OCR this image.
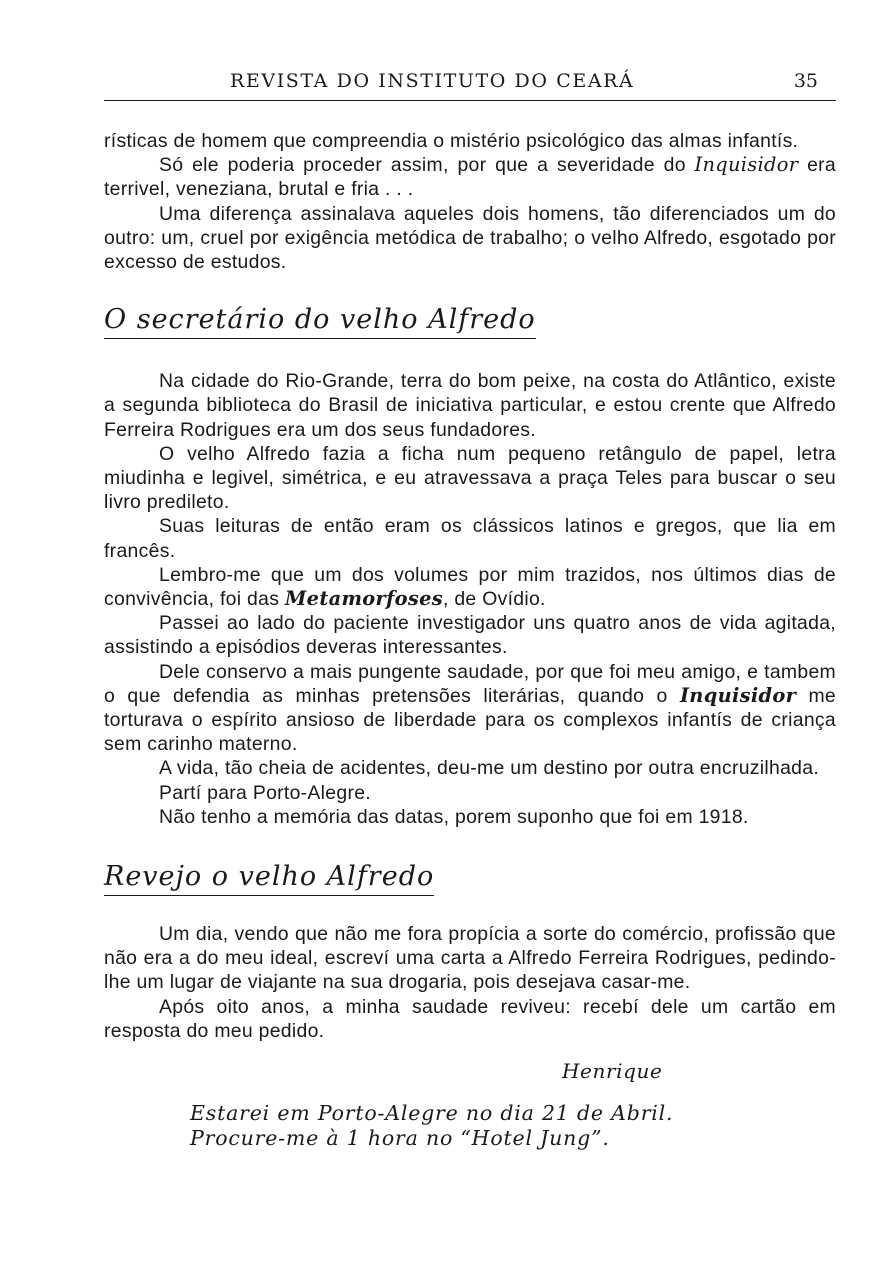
REVISTA DO INSTITUTO DO CEARÁ	35

rísticas de homem que compreendia o mistério psicológico das almas infantís.

Só ele poderia proceder assim, por que a severidade do Inquisidor era terrivel, veneziana, brutal e fria . . .

Uma diferença assinalava aqueles dois homens, tão diferenciados um do outro: um, cruel por exigência metódica de trabalho; o velho Alfredo, esgotado por excesso de estudos.

O secretário do velho Alfredo

Na cidade do Rio-Grande, terra do bom peixe, na costa do Atlântico, existe a segunda biblioteca do Brasil de iniciativa particular, e estou crente que Alfredo Ferreira Rodrigues era um dos seus fundadores.

O velho Alfredo fazia a ficha num pequeno retângulo de papel, letra miudinha e legivel, simétrica, e eu atravessava a praça Teles para buscar o seu livro predileto.

Suas leituras de então eram os clássicos latinos e gregos, que lia em francês.

Lembro-me que um dos volumes por mim trazidos, nos últimos dias de convivência, foi das Metamorfoses, de Ovídio.

Passei ao lado do paciente investigador uns quatro anos de vida agitada, assistindo a episódios deveras interessantes.

Dele conservo a mais pungente saudade, por que foi meu amigo, e tambem o que defendia as minhas pretensões literárias, quando o Inquisidor me torturava o espírito ansioso de liberdade para os complexos infantís de criança sem carinho materno.

A vida, tão cheia de acidentes, deu-me um destino por outra encruzilhada.

Partí para Porto-Alegre.

Não tenho a memória das datas, porem suponho que foi em 1918.

Revejo o velho Alfredo

Um dia, vendo que não me fora propícia a sorte do comércio, profissão que não era a do meu ideal, escreví uma carta a Alfredo Ferreira Rodrigues, pedindo-lhe um lugar de viajante na sua drogaria, pois desejava casar-me.

Após oito anos, a minha saudade reviveu: recebí dele um cartão em resposta do meu pedido.

Henrique
Estarei em Porto-Alegre no dia 21 de Abril.
Procure-me à 1 hora no “Hotel Jung”.
